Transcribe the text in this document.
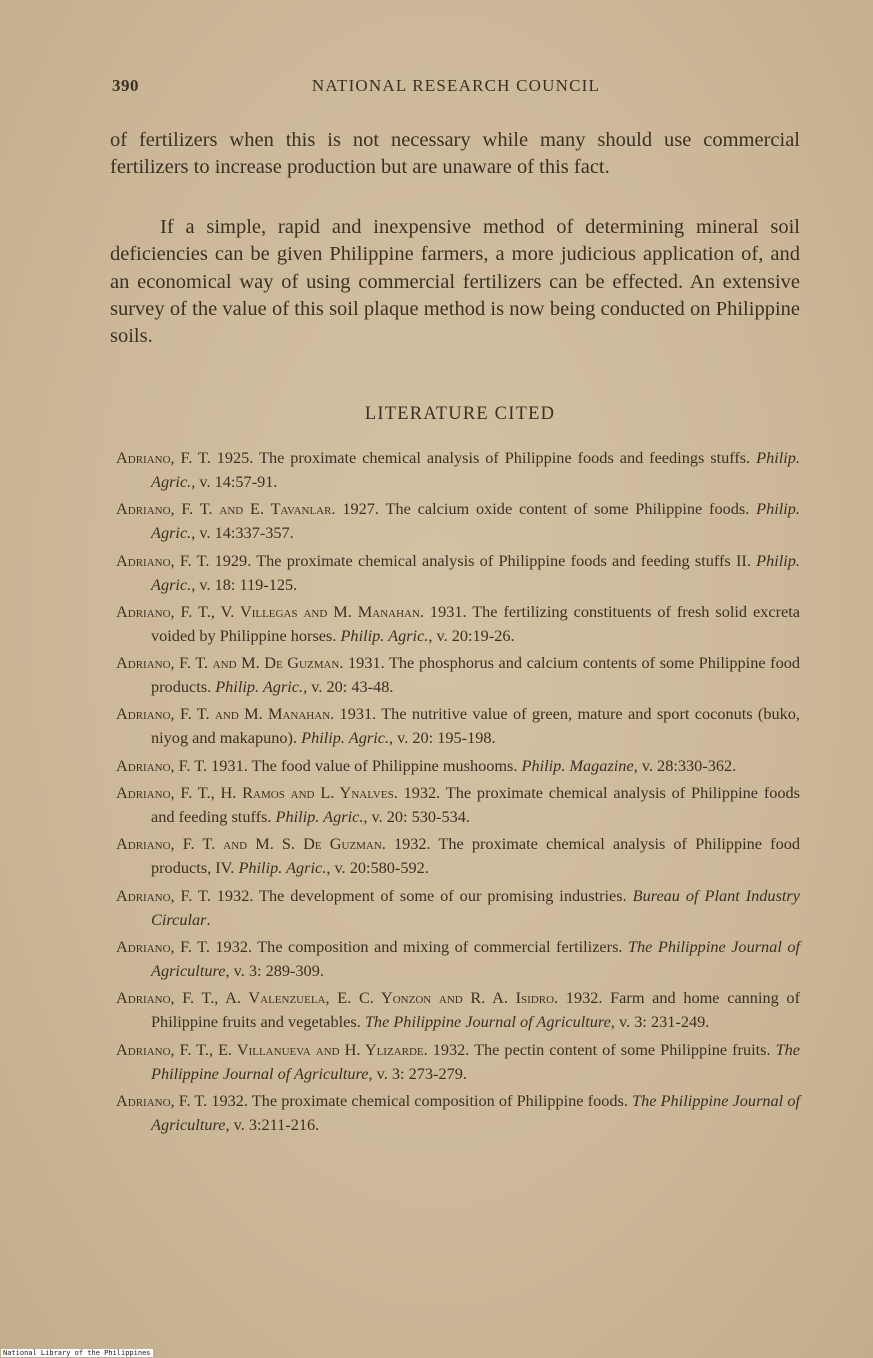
390	NATIONAL RESEARCH COUNCIL

of fertilizers when this is not necessary while many should use commercial fertilizers to increase production but are unaware of this fact.

If a simple, rapid and inexpensive method of determining mineral soil deficiencies can be given Philippine farmers, a more judicious application of, and an economical way of using commercial fertilizers can be effected. An extensive survey of the value of this soil plaque method is now being conducted on Philippine soils.

LITERATURE CITED
Adriano, F. T. 1925. The proximate chemical analysis of Philippine foods and feedings stuffs. Philip. Agric., v. 14:57-91.
Adriano, F. T. and E. Tavanlar. 1927. The calcium oxide content of some Philippine foods. Philip. Agric., v. 14:337-357.
Adriano, F. T. 1929. The proximate chemical analysis of Philippine foods and feeding stuffs II. Philip. Agric., v. 18: 119-125.
Adriano, F. T., V. Villegas and M. Manahan. 1931. The fertilizing constituents of fresh solid excreta voided by Philippine horses. Philip. Agric., v. 20:19-26.
Adriano, F. T. and M. De Guzman. 1931. The phosphorus and calcium contents of some Philippine food products. Philip. Agric., v. 20: 43-48.
Adriano, F. T. and M. Manahan. 1931. The nutritive value of green, mature and sport coconuts (buko, niyog and makapuno). Philip. Agric., v. 20: 195-198.
Adriano, F. T. 1931. The food value of Philippine mushooms. Philip. Magazine, v. 28:330-362.
Adriano, F. T., H. Ramos and L. Ynalves. 1932. The proximate chemical analysis of Philippine foods and feeding stuffs. Philip. Agric., v. 20: 530-534.
Adriano, F. T. and M. S. De Guzman. 1932. The proximate chemical analysis of Philippine food products, IV. Philip. Agric., v. 20:580-592.
Adriano, F. T. 1932. The development of some of our promising industries. Bureau of Plant Industry Circular.
Adriano, F. T. 1932. The composition and mixing of commercial fertilizers. The Philippine Journal of Agriculture, v. 3: 289-309.
Adriano, F. T., A. Valenzuela, E. C. Yonzon and R. A. Isidro. 1932. Farm and home canning of Philippine fruits and vegetables. The Philippine Journal of Agriculture, v. 3: 231-249.
Adriano, F. T., E. Villanueva and H. Ylizarde. 1932. The pectin content of some Philippine fruits. The Philippine Journal of Agriculture, v. 3: 273-279.
Adriano, F. T. 1932. The proximate chemical composition of Philippine foods. The Philippine Journal of Agriculture, v. 3:211-216.
National Library of the Philippines
